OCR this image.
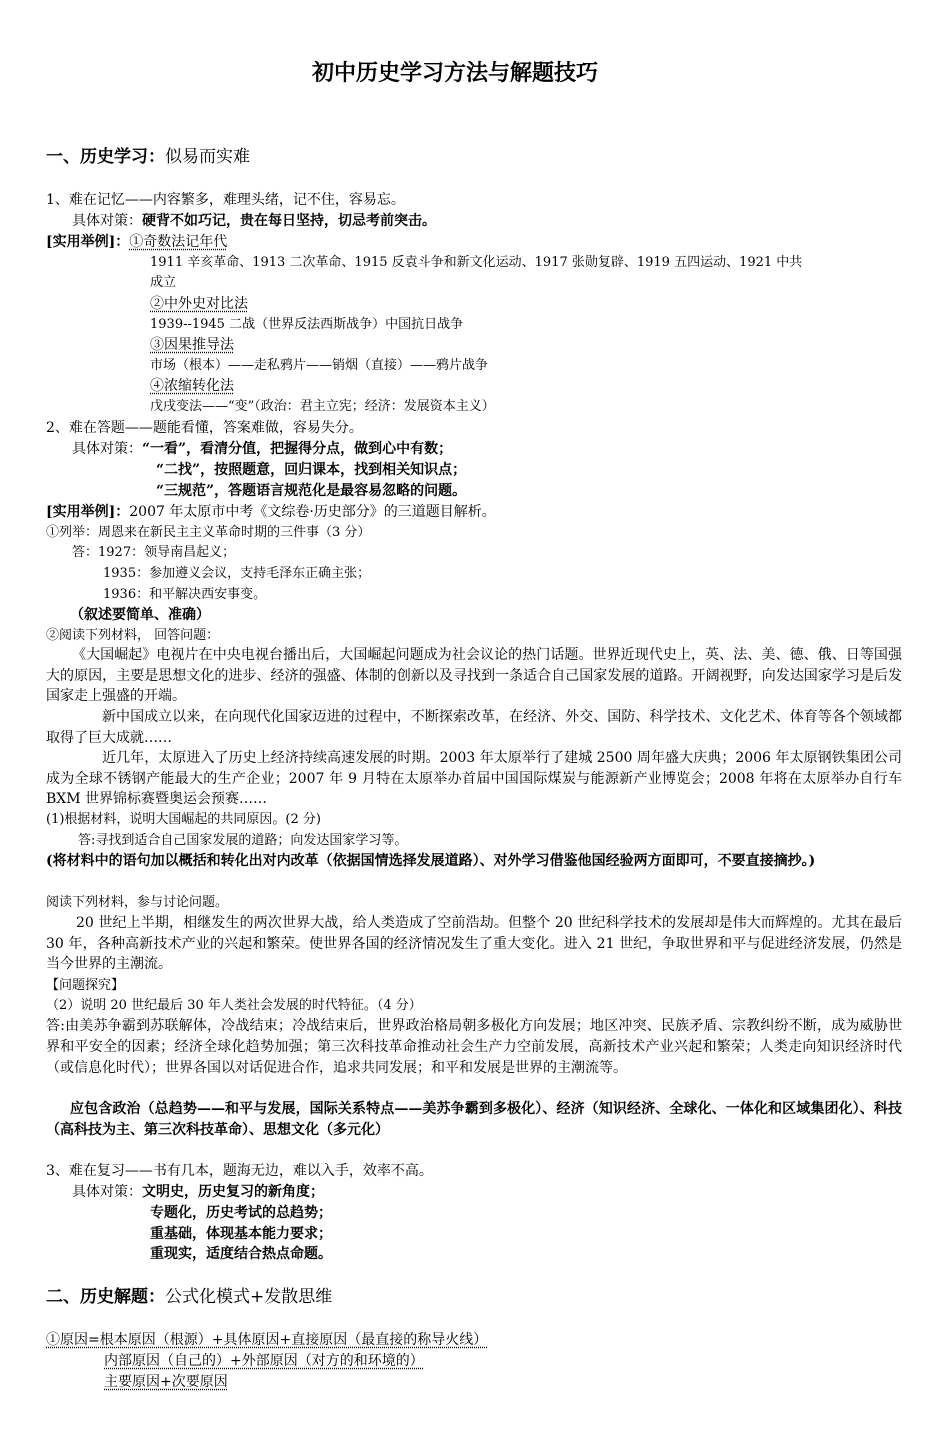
初中历史学习方法与解题技巧
一、历史学习：似易而实难
1、难在记忆——内容繁多，难理头绪，记不住，容易忘。
具体对策：硬背不如巧记，贵在每日坚持，切忌考前突击。
[实用举例]：①奇数法记年代
1911 辛亥革命、1913 二次革命、1915 反袁斗争和新文化运动、1917 张勋复辟、1919 五四运动、1921 中共
成立
②中外史对比法
1939--1945 二战（世界反法西斯战争）中国抗日战争
③因果推导法
市场（根本）——走私鸦片——销烟（直接）——鸦片战争
④浓缩转化法
戊戌变法——“变”（政治：君主立宪；经济：发展资本主义）
2、难在答题——题能看懂，答案难做，容易失分。
具体对策：“一看”，看清分值，把握得分点，做到心中有数；
“二找”，按照题意，回归课本，找到相关知识点；
“三规范”，答题语言规范化是最容易忽略的问题。
[实用举例]：2007 年太原市中考《文综卷·历史部分》的三道题目解析。
①列举：周恩来在新民主主义革命时期的三件事（3 分）
答：1927：领导南昌起义；
1935：参加遵义会议，支持毛泽东正确主张；
1936：和平解决西安事变。
（叙述要简单、准确）
②阅读下列材料， 回答问题：
《大国崛起》电视片在中央电视台播出后，大国崛起问题成为社会议论的热门话题。世界近现代史上，英、法、美、德、俄、日等国强大的原因，主要是思想文化的进步、经济的强盛、体制的创新以及寻找到一条适合自己国家发展的道路。开阔视野，向发达国家学习是后发国家走上强盛的开端。
新中国成立以来，在向现代化国家迈进的过程中，不断探索改革，在经济、外交、国防、科学技术、文化艺术、体育等各个领域都取得了巨大成就……
近几年，太原进入了历史上经济持续高速发展的时期。2003 年太原举行了建城 2500 周年盛大庆典；2006 年太原钢铁集团公司成为全球不锈钢产能最大的生产企业；2007 年 9 月特在太原举办首届中国国际煤炭与能源新产业博览会；2008 年将在太原举办自行车 BXM 世界锦标赛暨奥运会预赛……
(1)根据材料，说明大国崛起的共同原因。(2 分)
答:寻找到适合自己国家发展的道路；向发达国家学习等。
(将材料中的语句加以概括和转化出对内改革（依据国情选择发展道路）、对外学习借鉴他国经验两方面即可，不要直接摘抄。)
阅读下列材料，参与讨论问题。
20 世纪上半期，相继发生的两次世界大战，给人类造成了空前浩劫。但整个 20 世纪科学技术的发展却是伟大而辉煌的。尤其在最后 30 年，各种高新技术产业的兴起和繁荣。使世界各国的经济情况发生了重大变化。进入 21 世纪，争取世界和平与促进经济发展，仍然是当今世界的主潮流。
【问题探究】
（2）说明 20 世纪最后 30 年人类社会发展的时代特征。（4 分）
答:由美苏争霸到苏联解体，冷战结束；冷战结束后，世界政治格局朝多极化方向发展；地区冲突、民族矛盾、宗教纠纷不断，成为威胁世界和平安全的因素；经济全球化趋势加强；第三次科技革命推动社会生产力空前发展，高新技术产业兴起和繁荣；人类走向知识经济时代（或信息化时代）；世界各国以对话促进合作，追求共同发展；和平和发展是世界的主潮流等。
应包含政治（总趋势——和平与发展，国际关系特点——美苏争霸到多极化）、经济（知识经济、全球化、一体化和区域集团化）、科技（高科技为主、第三次科技革命）、思想文化（多元化）
3、难在复习——书有几本，题海无边，难以入手，效率不高。
具体对策：文明史，历史复习的新角度；
专题化，历史考试的总趋势；
重基础，体现基本能力要求；
重现实，适度结合热点命题。
二、历史解题：公式化模式+发散思维
①原因=根本原因（根源）+具体原因+直接原因（最直接的称导火线）
内部原因（自己的）+外部原因（对方的和环境的）
主要原因+次要原因
